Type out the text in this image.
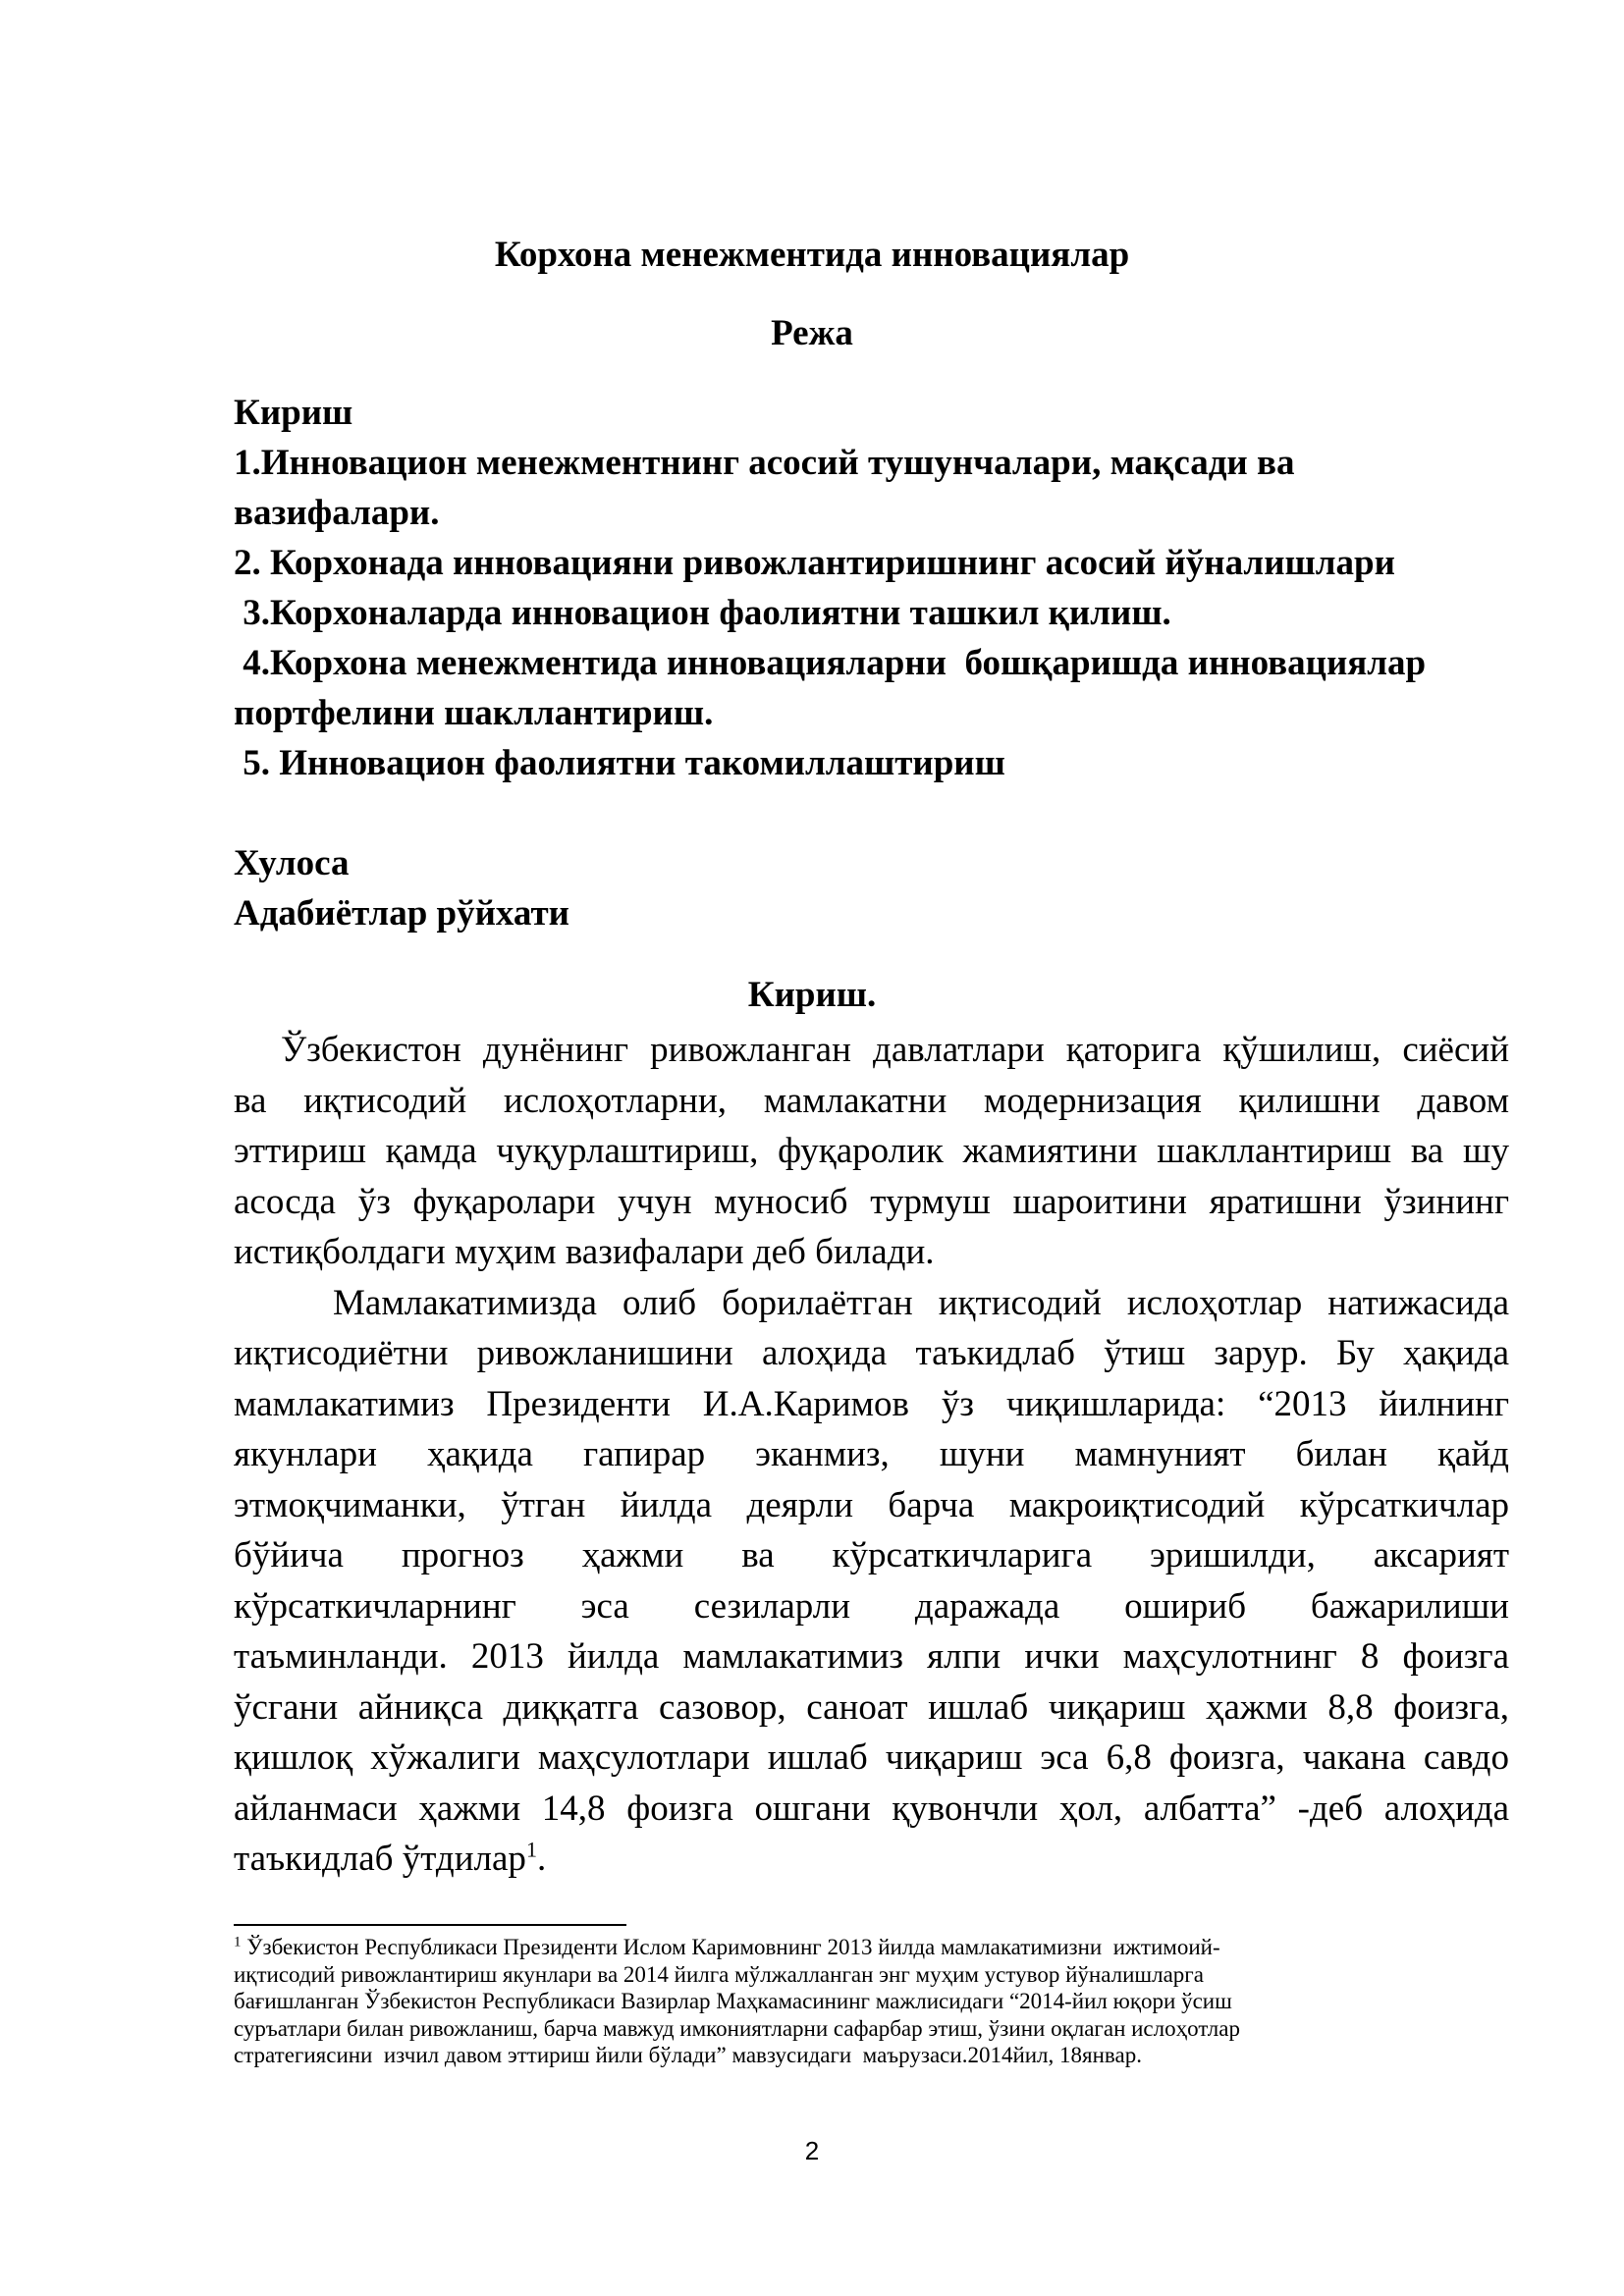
Корхона менежментида инновациялар
Режа
Кириш
1.Инновацион менежментнинг асосий тушунчалари, мақсади ва
вазифалари.
2. Корхонада инновацияни ривожлантиришнинг асосий йўналишлари
3.Корхоналарда инновацион фаолиятни ташкил қилиш.
4.Корхона менежментида инновацияларни  бошқаришда инновациялар
портфелини шакллантириш.
5. Инновацион фаолиятни такомиллаштириш
Хулоса
Адабиётлар рўйхати
Кириш.
Ўзбекистон дунёнинг ривожланган давлатлари қаторига қўшилиш, сиёсий
ва иқтисодий ислоҳотларни, мамлакатни модернизация қилишни давом
эттириш қамда чуқурлаштириш, фуқаролик жамиятини шакллантириш ва шу
асосда ўз фуқаролари учун муносиб турмуш шароитини яратишни ўзининг
истиқболдаги муҳим вазифалари деб билади.
Мамлакатимизда олиб борилаётган иқтисодий ислоҳотлар натижасида
иқтисодиётни ривожланишини алоҳида таъкидлаб ўтиш зарур. Бу ҳақида
мамлакатимиз Президенти И.А.Каримов ўз чиқишларида: “2013 йилнинг
якунлари ҳақида гапирар эканмиз, шуни мамнуният билан қайд
этмоқчиманки, ўтган йилда деярли барча макроиқтисодий кўрсаткичлар
бўйича прогноз ҳажми ва кўрсаткичларига эришилди, аксарият
кўрсаткичларнинг эса сезиларли даражада ошириб бажарилиши
таъминланди. 2013 йилда мамлакатимиз ялпи ички маҳсулотнинг 8 фоизга
ўсгани айниқса диққатга сазовор, саноат ишлаб чиқариш ҳажми 8,8 фоизга,
қишлоқ хўжалиги маҳсулотлари ишлаб чиқариш эса 6,8 фоизга, чакана савдо
айланмаси ҳажми 14,8 фоизга ошгани қувончли ҳол, албатта” -деб алоҳида
таъкидлаб ўтдилар$^1$.
$^1$ Ўзбекистон Республикаси Президенти Ислом Каримовнинг 2013 йилда мамлакатимизни  ижтимоий-
иқтисодий ривожлантириш якунлари ва 2014 йилга мўлжалланган энг муҳим устувор йўналишларга
бағишланган Ўзбекистон Республикаси Вазирлар Маҳкамасининг мажлисидаги “2014-йил юқори ўсиш
суръатлари билан ривожланиш, барча мавжуд имкониятларни сафарбар этиш, ўзини оқлаган ислоҳотлар
стратегиясини  изчил давом эттириш йили бўлади” мавзусидаги  маърузаси.2014йил, 18январ.
2
